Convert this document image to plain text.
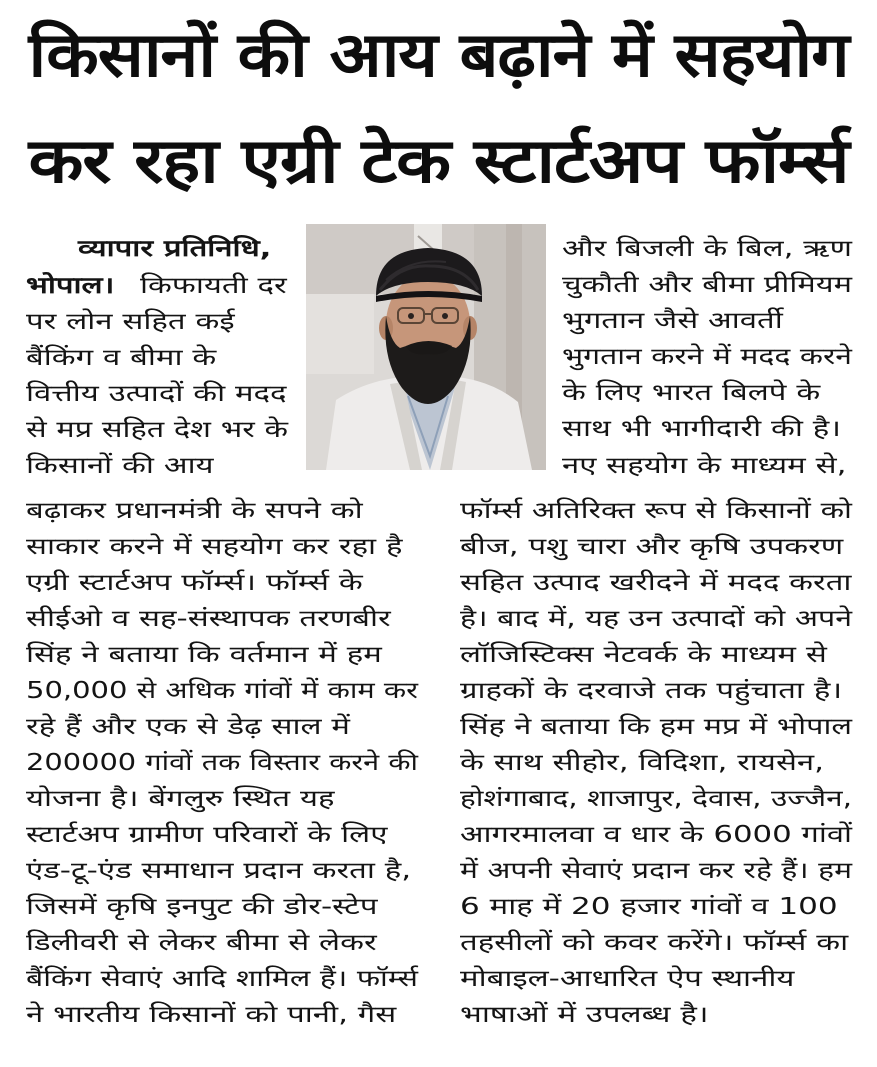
किसानों की आय बढ़ाने में सहयोग
कर रहा एग्री टेक स्टार्टअप फॉर्म्स
व्यापार प्रतिनिधि,
भोपाल।	किफायती दर
पर लोन सहित कई
बैंकिंग व बीमा के
वित्तीय उत्पादों की मदद
से मप्र सहित देश भर के
किसानों की आय
बढ़ाकर प्रधानमंत्री के सपने को
साकार करने में सहयोग कर रहा है
एग्री स्टार्टअप फॉर्म्स। फॉर्म्स के
सीईओ व सह-संस्थापक तरणबीर
सिंह ने बताया कि वर्तमान में हम
50,000 से अधिक गांवों में काम कर
रहे हैं और एक से डेढ़ साल में
200000 गांवों तक विस्तार करने की
योजना है। बेंगलुरु स्थित यह
स्टार्टअप ग्रामीण परिवारों के लिए
एंड-टू-एंड समाधान प्रदान करता है,
जिसमें कृषि इनपुट की डोर-स्टेप
डिलीवरी से लेकर बीमा से लेकर
बैंकिंग सेवाएं आदि शामिल हैं। फॉर्म्स
ने भारतीय किसानों को पानी, गैस
और बिजली के बिल, ऋण
चुकौती और बीमा प्रीमियम
भुगतान जैसे आवर्ती
भुगतान करने में मदद करने
के लिए भारत बिलपे के
साथ भी भागीदारी की है।
नए सहयोग के माध्यम से,
फॉर्म्स अतिरिक्त रूप से किसानों को
बीज, पशु चारा और कृषि उपकरण
सहित उत्पाद खरीदने में मदद करता
है। बाद में, यह उन उत्पादों को अपने
लॉजिस्टिक्स नेटवर्क के माध्यम से
ग्राहकों के दरवाजे तक पहुंचाता है।
सिंह ने बताया कि हम मप्र में भोपाल
के साथ सीहोर, विदिशा, रायसेन,
होशंगाबाद, शाजापुर, देवास, उज्जैन,
आगरमालवा व धार के 6000 गांवों
में अपनी सेवाएं प्रदान कर रहे हैं। हम
6 माह में 20 हजार गांवों व 100
तहसीलों को कवर करेंगे। फॉर्म्स का
मोबाइल-आधारित ऐप स्थानीय
भाषाओं में उपलब्ध है।
